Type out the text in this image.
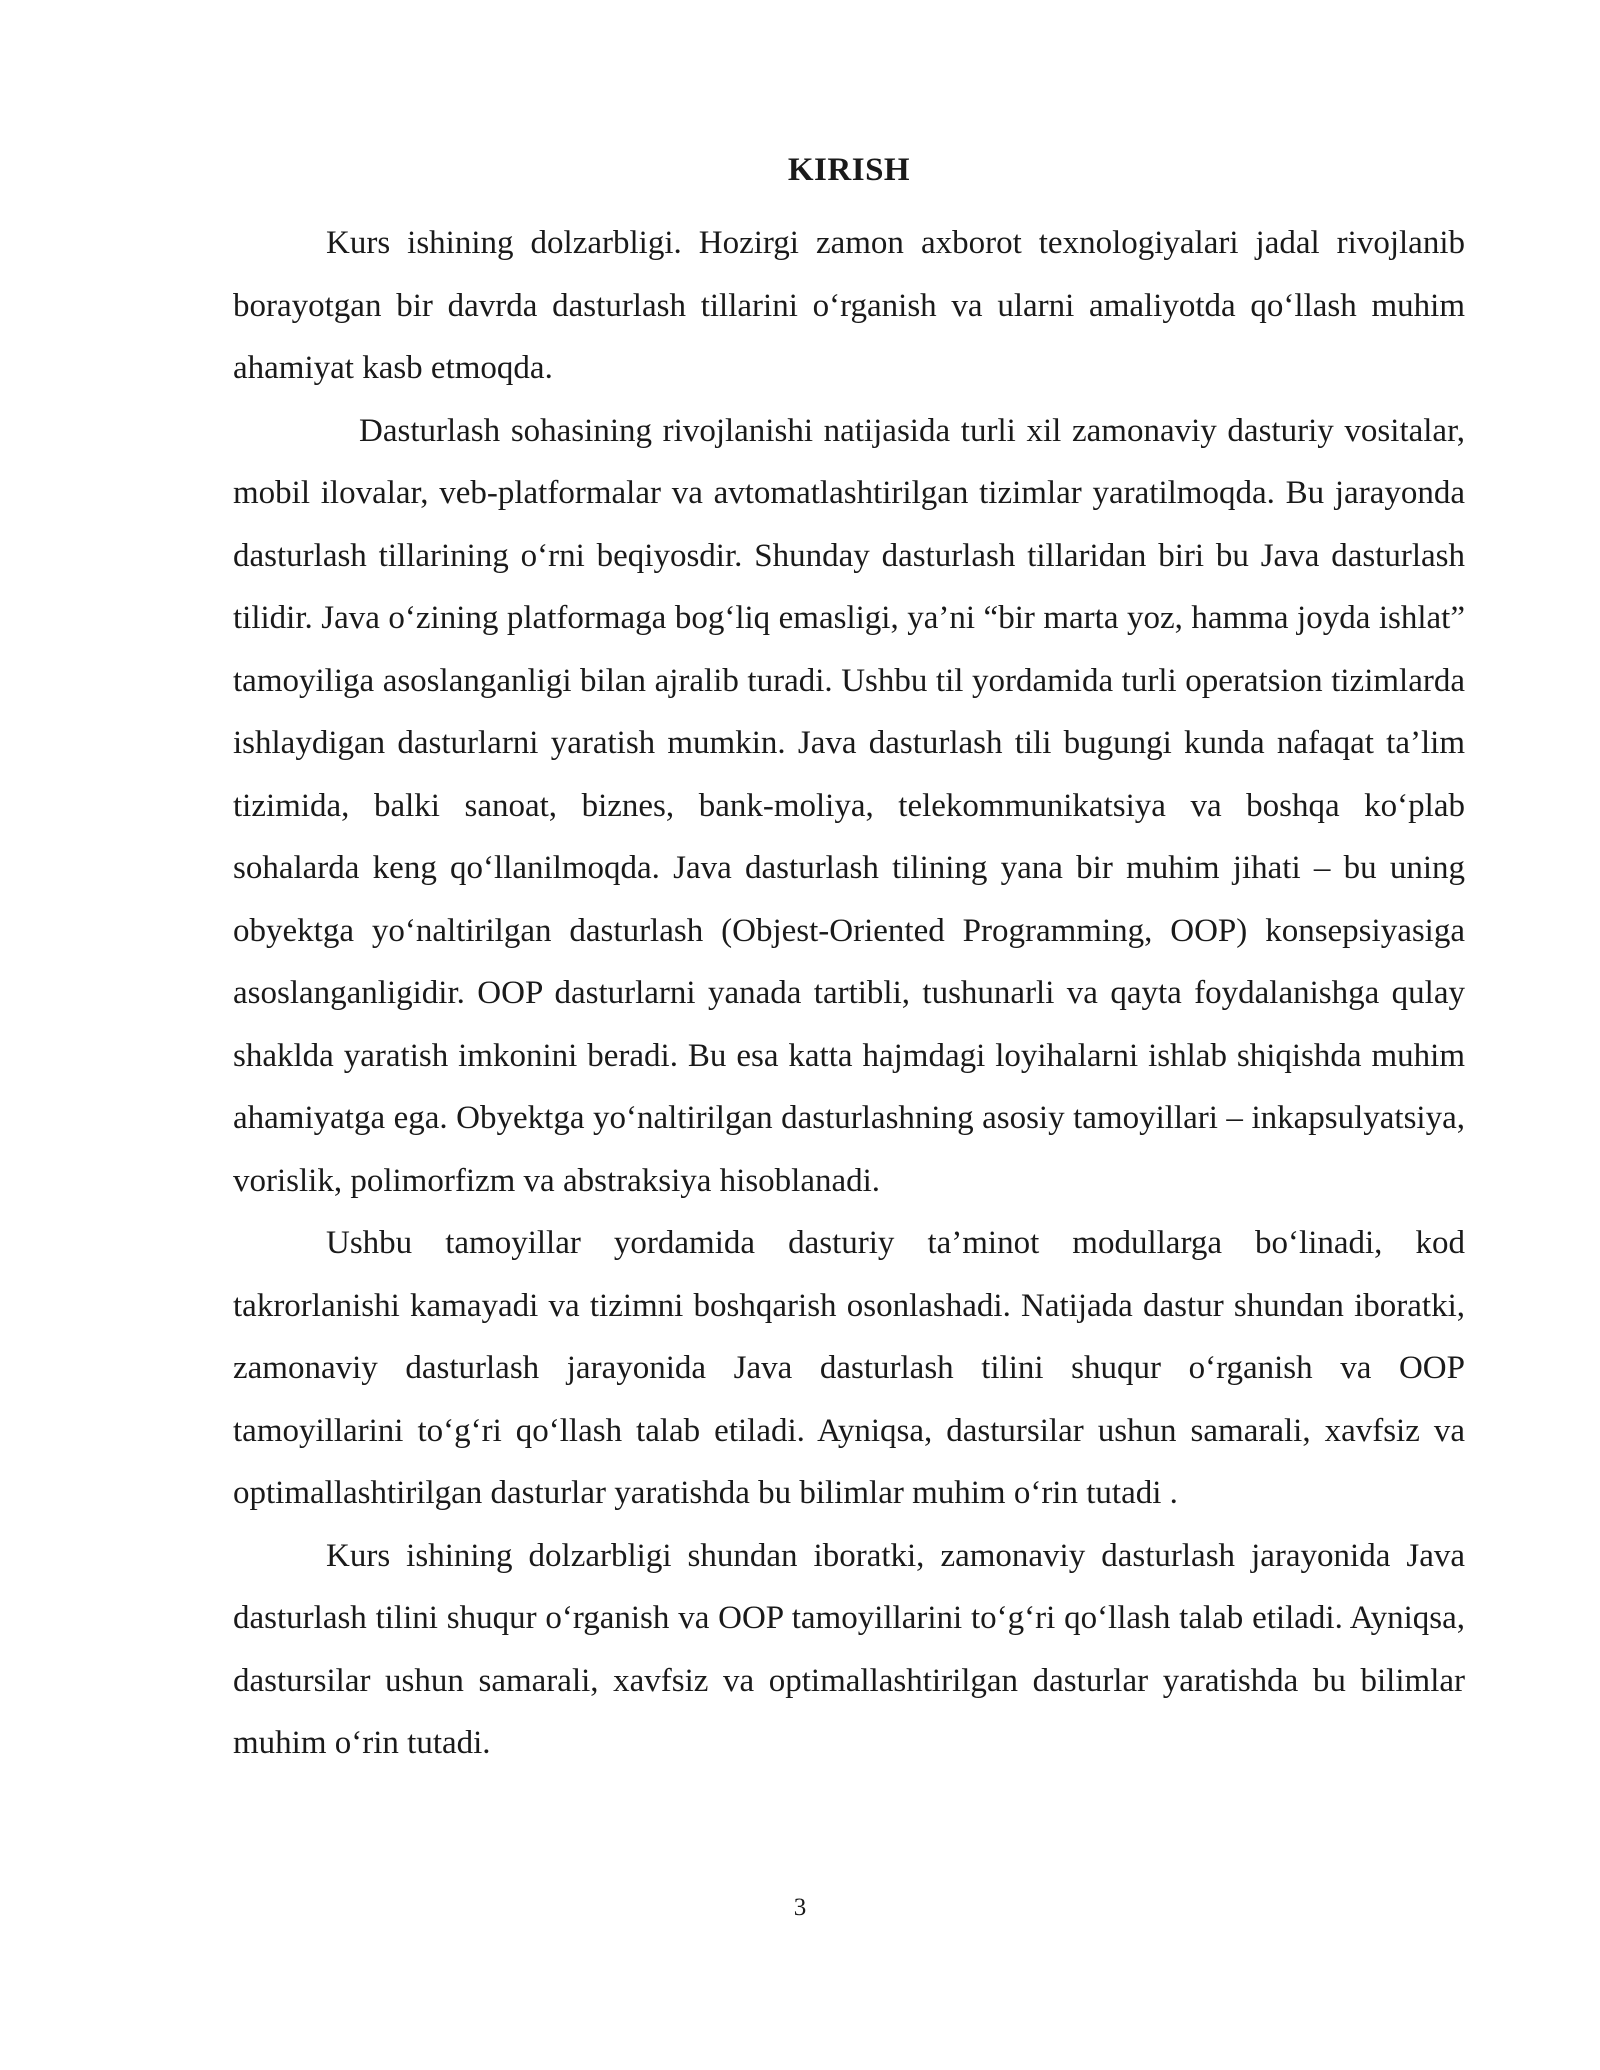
KIRISH

Kurs ishining dolzarbligi. Hozirgi zamon axborot texnologiyalari jadal rivojlanib borayotgan bir davrda dasturlash tillarini o‘rganish va ularni amaliyotda qo‘llash muhim ahamiyat kasb etmoqda.

Dasturlash sohasining rivojlanishi natijasida turli xil zamonaviy dasturiy vositalar, mobil ilovalar, veb-platformalar va avtomatlashtirilgan tizimlar yaratilmoqda. Bu jarayonda dasturlash tillarining o‘rni beqiyosdir. Shunday dasturlash tillaridan biri bu Java dasturlash tilidir. Java o‘zining platformaga bog‘liq emasligi, ya’ni “bir marta yoz, hamma joyda ishlat” tamoyiliga asoslanganligi bilan ajralib turadi. Ushbu til yordamida turli operatsion tizimlarda ishlaydigan dasturlarni yaratish mumkin. Java dasturlash tili bugungi kunda nafaqat ta’lim tizimida, balki sanoat, biznes, bank-moliya, telekommunikatsiya va boshqa ko‘plab sohalarda keng qo‘llanilmoqda. Java dasturlash tilining yana bir muhim jihati – bu uning obyektga yo‘naltirilgan dasturlash (Objest-Oriented Programming, OOP) konsepsiyasiga asoslanganligidir. OOP dasturlarni yanada tartibli, tushunarli va qayta foydalanishga qulay shaklda yaratish imkonini beradi. Bu esa katta hajmdagi loyihalarni ishlab shiqishda muhim ahamiyatga ega. Obyektga yo‘naltirilgan dasturlashning asosiy tamoyillari – inkapsulyatsiya, vorislik, polimorfizm va abstraksiya hisoblanadi.

Ushbu tamoyillar yordamida dasturiy ta’minot modullarga bo‘linadi, kod takrorlanishi kamayadi va tizimni boshqarish osonlashadi. Natijada dastur shundan iboratki, zamonaviy dasturlash jarayonida Java dasturlash tilini shuqur o‘rganish va OOP tamoyillarini to‘g‘ri qo‘llash talab etiladi. Ayniqsa, dastursilar ushun samarali, xavfsiz va optimallashtirilgan dasturlar yaratishda bu bilimlar muhim o‘rin tutadi .

Kurs ishining dolzarbligi shundan iboratki, zamonaviy dasturlash jarayonida Java dasturlash tilini shuqur o‘rganish va OOP tamoyillarini to‘g‘ri qo‘llash talab etiladi. Ayniqsa, dastursilar ushun samarali, xavfsiz va optimallashtirilgan dasturlar yaratishda bu bilimlar muhim o‘rin tutadi.

3
